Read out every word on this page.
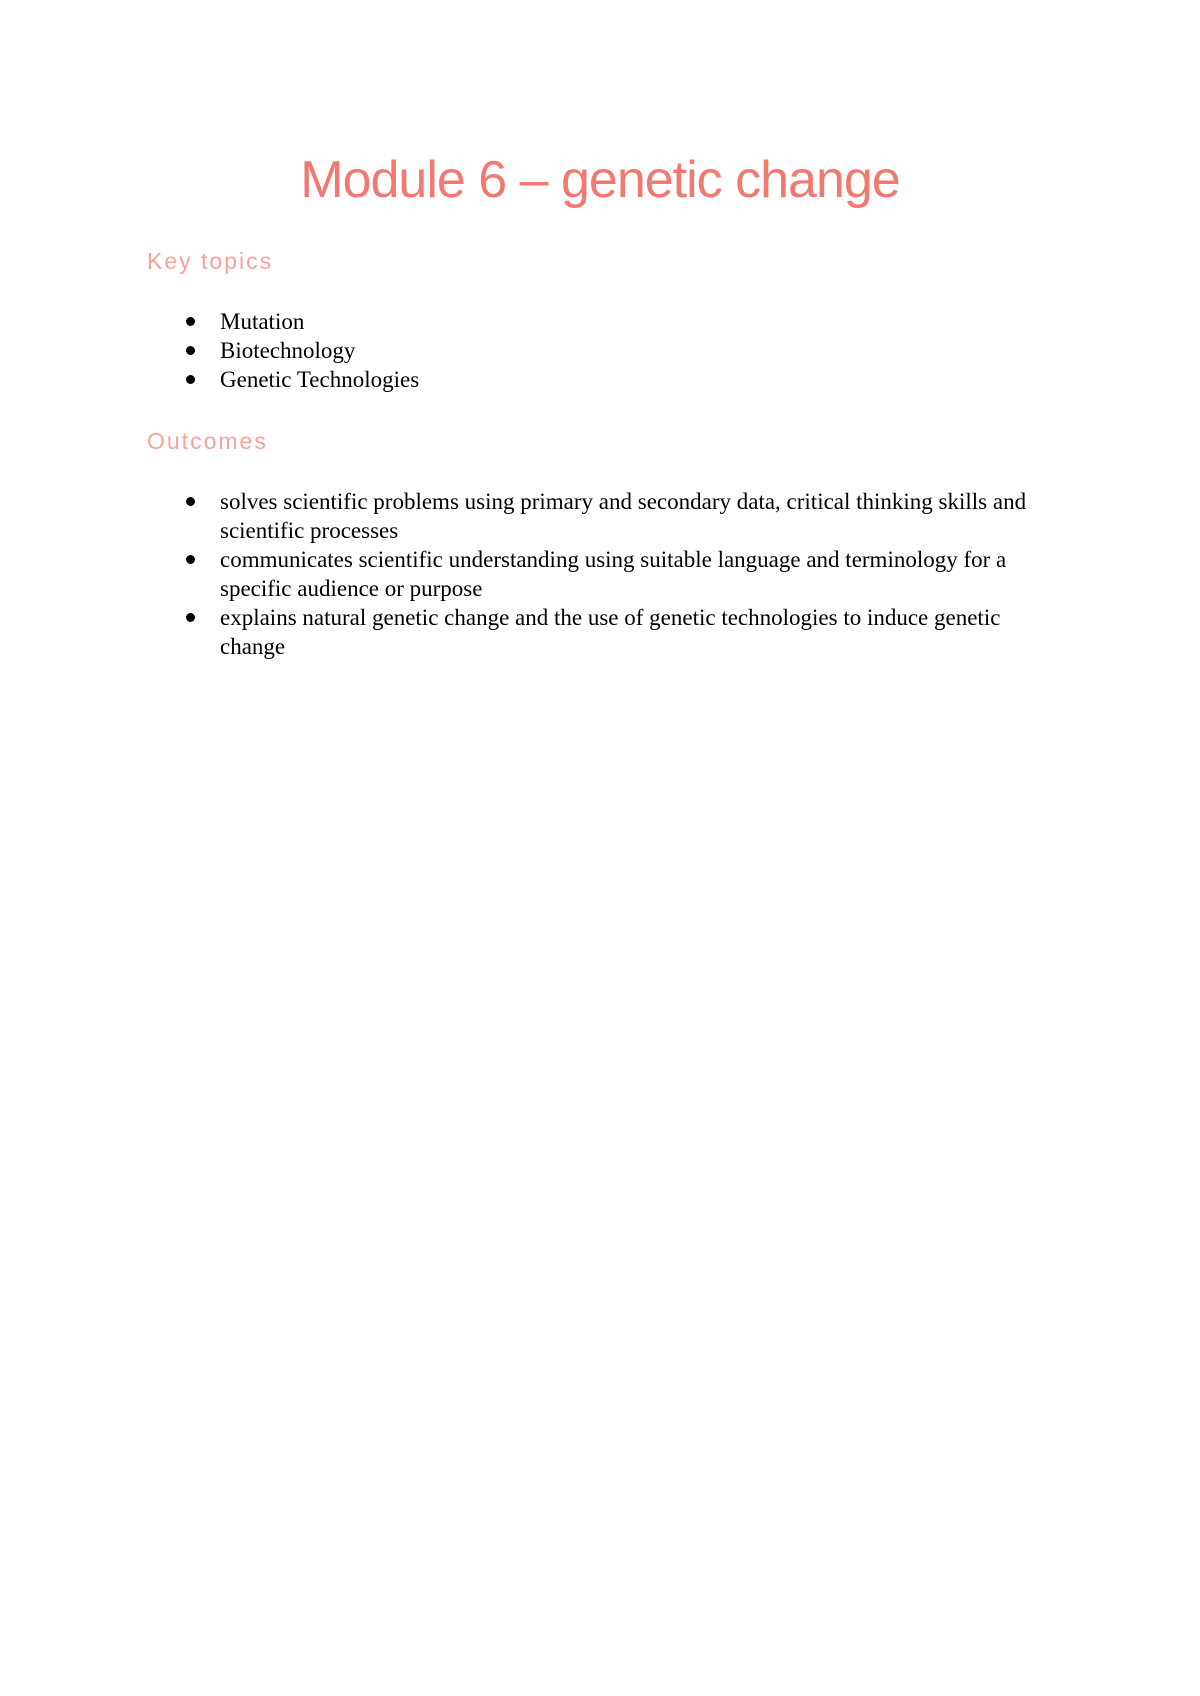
Module 6 – genetic change
Key topics
Mutation
Biotechnology
Genetic Technologies
Outcomes
solves scientific problems using primary and secondary data, critical thinking skills and scientific processes
communicates scientific understanding using suitable language and terminology for a specific audience or purpose
explains natural genetic change and the use of genetic technologies to induce genetic change
